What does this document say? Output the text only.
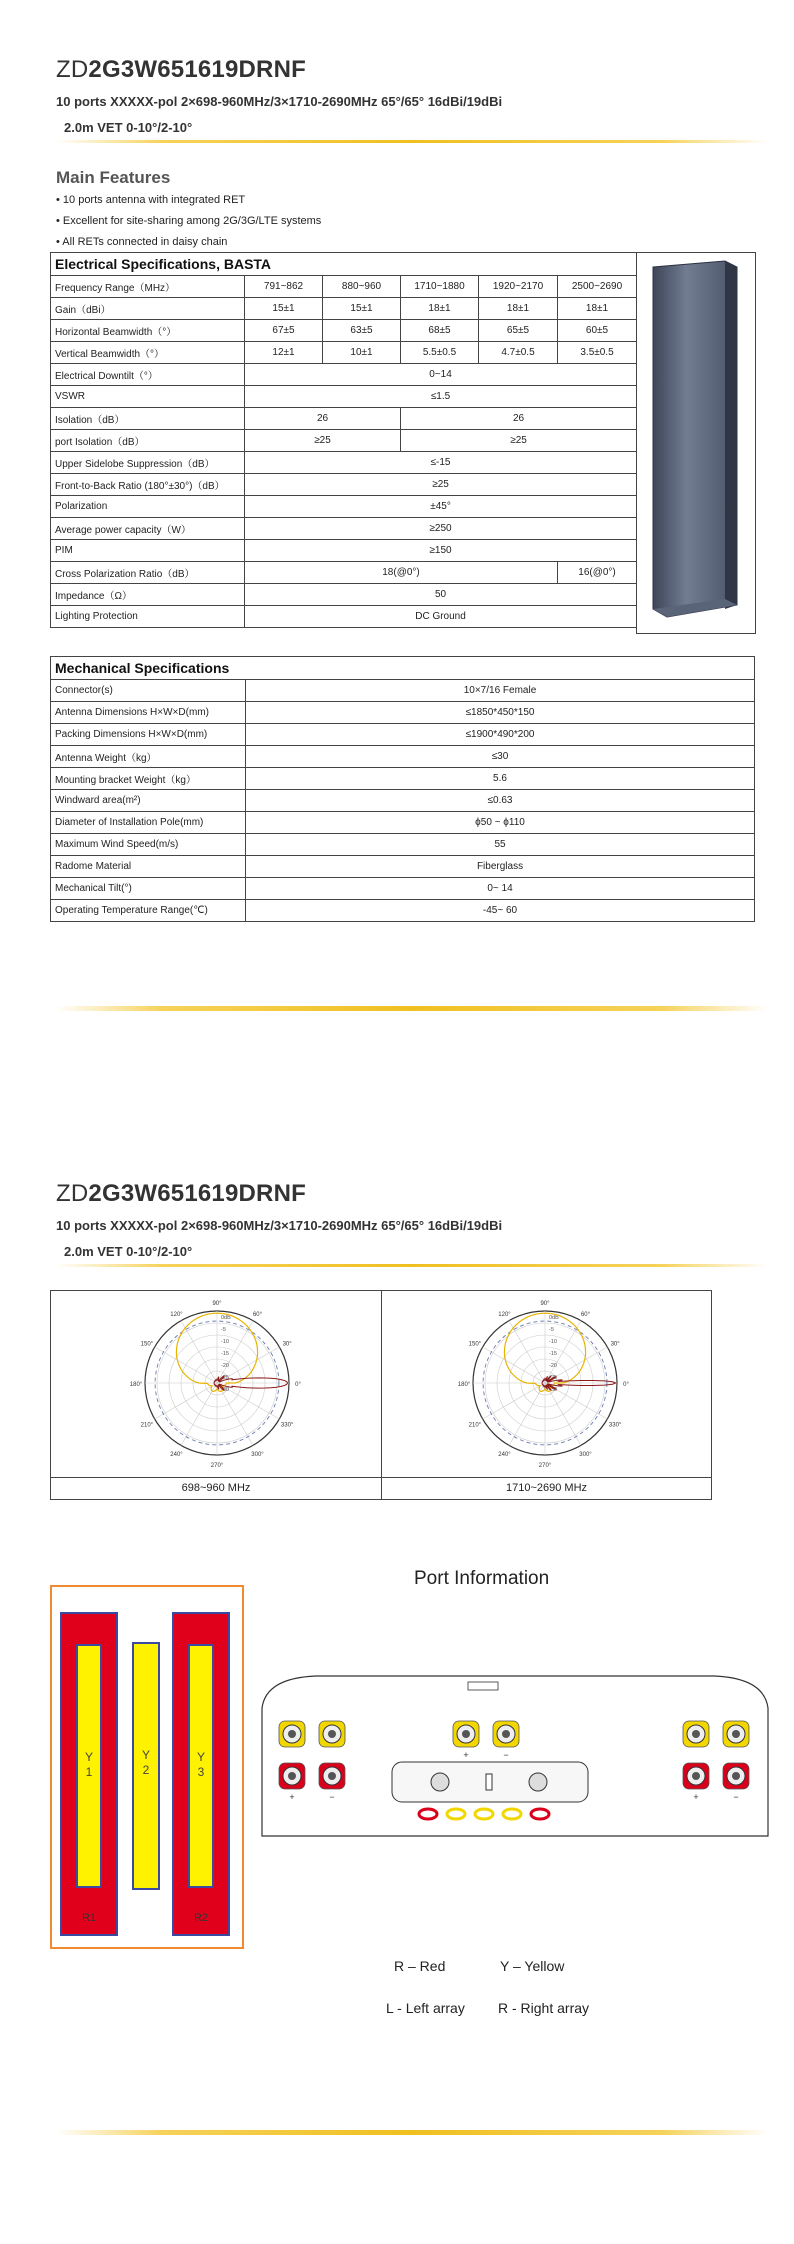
ZD2G3W651619DRNF
10 ports XXXXX-pol 2×698-960MHz/3×1710-2690MHz 65°/65° 16dBi/19dBi
2.0m VET 0-10°/2-10°
Main Features
• 10 ports antenna with integrated RET
• Excellent for site-sharing among 2G/3G/LTE systems
• All RETs connected in daisy chain
Electrical Specifications, BASTA					
Frequency Range（MHz）	791~862	880~960	1710~1880	1920~2170	2500~2690
Gain（dBi）	15±1	15±1	18±1	18±1	18±1
Horizontal Beamwidth（°）	67±5	63±5	68±5	65±5	60±5
Vertical Beamwidth（°）	12±1	10±1	5.5±0.5	4.7±0.5	3.5±0.5
Electrical Downtilt（°）	0~14				
VSWR	≤1.5				
Isolation（dB）	26		26		
port Isolation（dB）	≥25		≥25		
Upper Sidelobe Suppression（dB）	≤-15				
Front-to-Back Ratio (180°±30°)（dB）	≥25				
Polarization	±45°				
Average power capacity（W）	≥250				
PIM	≥150				
Cross Polarization Ratio（dB）	18(@0°)				16(@0°)
Impedance（Ω）	50				
Lighting Protection	DC Ground				
Mechanical Specifications	
Connector(s)	10×7/16 Female
Antenna Dimensions H×W×D(mm)	≤1850*450*150
Packing Dimensions H×W×D(mm)	≤1900*490*200
Antenna Weight（kg）	≤30
Mounting bracket Weight（kg）	5.6
Windward area(m²)	≤0.63
Diameter of Installation Pole(mm)	ϕ50 ~ ϕ110
Maximum Wind Speed(m/s)	55
Radome Material	Fiberglass
Mechanical Tilt(°)	0~ 14
Operating Temperature Range(℃)	-45~ 60
ZD2G3W651619DRNF
10 ports XXXXX-pol 2×698-960MHz/3×1710-2690MHz 65°/65° 16dBi/19dBi
2.0m VET 0-10°/2-10°
90°
60°
30°
0°
330°
300°
270°
240°
210°
180°
150°
120°
0dB
-5
-10
-15
-20
-25
-30
90°
60°
30°
0°
330°
300°
270°
240°
210°
180°
150°
120°
0dB
-5
-10
-15
-20
-25
-30
698~960 MHz	1710~2690 MHz
Port Information
Y
1
R1
Y
2
Y
3
R2
+
+
+
−
−
−
R – Red	Y – Yellow
L - Left array R - Right array
